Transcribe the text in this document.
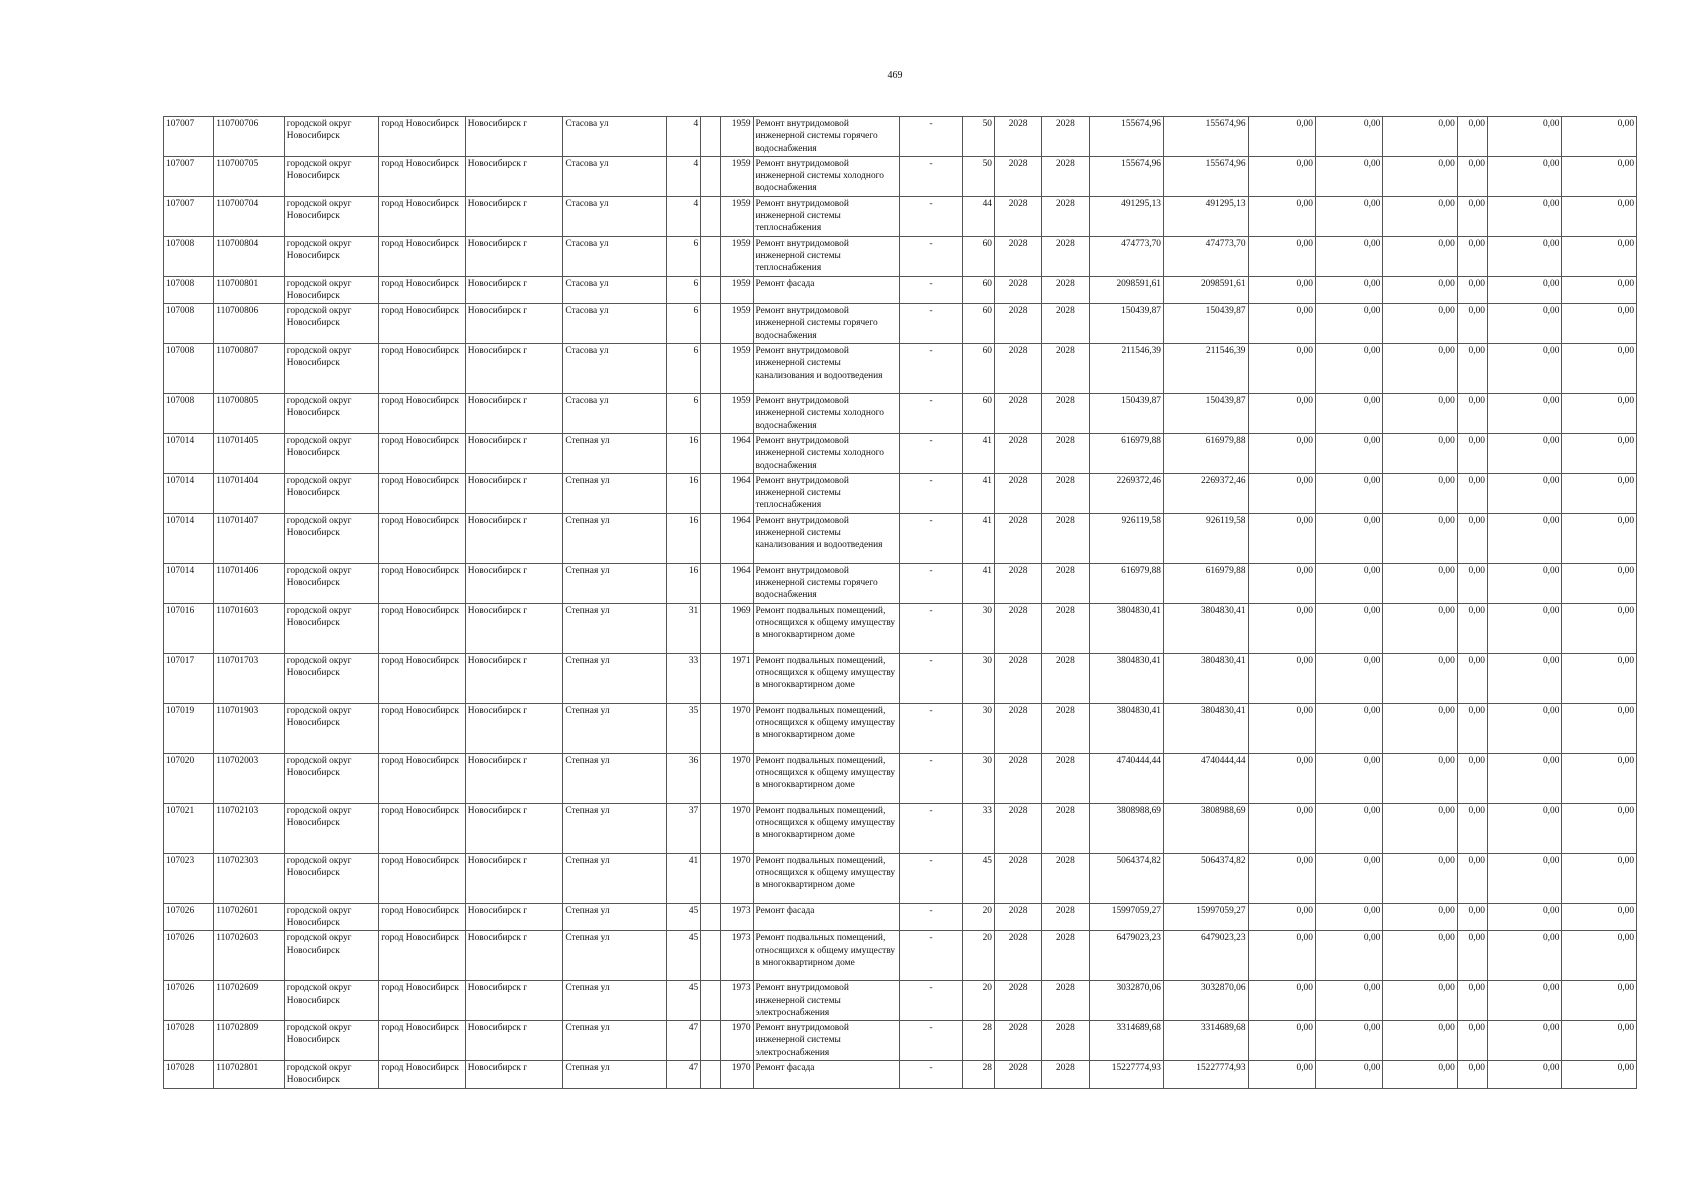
469
107007	110700706	городской округ Новосибирск	город Новосибирск	Новосибирск г	Стасова ул	4		1959	Ремонт внутридомовой инженерной системы горячего водоснабжения	-	50	2028	2028	155674,96	155674,96	0,00	0,00	0,00	0,00	0,00	0,00
107007	110700705	городской округ Новосибирск	город Новосибирск	Новосибирск г	Стасова ул	4		1959	Ремонт внутридомовой инженерной системы холодного водоснабжения	-	50	2028	2028	155674,96	155674,96	0,00	0,00	0,00	0,00	0,00	0,00
107007	110700704	городской округ Новосибирск	город Новосибирск	Новосибирск г	Стасова ул	4		1959	Ремонт внутридомовой инженерной системы теплоснабжения	-	44	2028	2028	491295,13	491295,13	0,00	0,00	0,00	0,00	0,00	0,00
107008	110700804	городской округ Новосибирск	город Новосибирск	Новосибирск г	Стасова ул	6		1959	Ремонт внутридомовой инженерной системы теплоснабжения	-	60	2028	2028	474773,70	474773,70	0,00	0,00	0,00	0,00	0,00	0,00
107008	110700801	городской округ Новосибирск	город Новосибирск	Новосибирск г	Стасова ул	6		1959	Ремонт фасада	-	60	2028	2028	2098591,61	2098591,61	0,00	0,00	0,00	0,00	0,00	0,00
107008	110700806	городской округ Новосибирск	город Новосибирск	Новосибирск г	Стасова ул	6		1959	Ремонт внутридомовой инженерной системы горячего водоснабжения	-	60	2028	2028	150439,87	150439,87	0,00	0,00	0,00	0,00	0,00	0,00
107008	110700807	городской округ Новосибирск	город Новосибирск	Новосибирск г	Стасова ул	6		1959	Ремонт внутридомовой инженерной системы канализования и водоотведения	-	60	2028	2028	211546,39	211546,39	0,00	0,00	0,00	0,00	0,00	0,00
107008	110700805	городской округ Новосибирск	город Новосибирск	Новосибирск г	Стасова ул	6		1959	Ремонт внутридомовой инженерной системы холодного водоснабжения	-	60	2028	2028	150439,87	150439,87	0,00	0,00	0,00	0,00	0,00	0,00
107014	110701405	городской округ Новосибирск	город Новосибирск	Новосибирск г	Степная ул	16		1964	Ремонт внутридомовой инженерной системы холодного водоснабжения	-	41	2028	2028	616979,88	616979,88	0,00	0,00	0,00	0,00	0,00	0,00
107014	110701404	городской округ Новосибирск	город Новосибирск	Новосибирск г	Степная ул	16		1964	Ремонт внутридомовой инженерной системы теплоснабжения	-	41	2028	2028	2269372,46	2269372,46	0,00	0,00	0,00	0,00	0,00	0,00
107014	110701407	городской округ Новосибирск	город Новосибирск	Новосибирск г	Степная ул	16		1964	Ремонт внутридомовой инженерной системы канализования и водоотведения	-	41	2028	2028	926119,58	926119,58	0,00	0,00	0,00	0,00	0,00	0,00
107014	110701406	городской округ Новосибирск	город Новосибирск	Новосибирск г	Степная ул	16		1964	Ремонт внутридомовой инженерной системы горячего водоснабжения	-	41	2028	2028	616979,88	616979,88	0,00	0,00	0,00	0,00	0,00	0,00
107016	110701603	городской округ Новосибирск	город Новосибирск	Новосибирск г	Степная ул	31		1969	Ремонт подвальных помещений, относящихся к общему имуществу в многоквартирном доме	-	30	2028	2028	3804830,41	3804830,41	0,00	0,00	0,00	0,00	0,00	0,00
107017	110701703	городской округ Новосибирск	город Новосибирск	Новосибирск г	Степная ул	33		1971	Ремонт подвальных помещений, относящихся к общему имуществу в многоквартирном доме	-	30	2028	2028	3804830,41	3804830,41	0,00	0,00	0,00	0,00	0,00	0,00
107019	110701903	городской округ Новосибирск	город Новосибирск	Новосибирск г	Степная ул	35		1970	Ремонт подвальных помещений, относящихся к общему имуществу в многоквартирном доме	-	30	2028	2028	3804830,41	3804830,41	0,00	0,00	0,00	0,00	0,00	0,00
107020	110702003	городской округ Новосибирск	город Новосибирск	Новосибирск г	Степная ул	36		1970	Ремонт подвальных помещений, относящихся к общему имуществу в многоквартирном доме	-	30	2028	2028	4740444,44	4740444,44	0,00	0,00	0,00	0,00	0,00	0,00
107021	110702103	городской округ Новосибирск	город Новосибирск	Новосибирск г	Степная ул	37		1970	Ремонт подвальных помещений, относящихся к общему имуществу в многоквартирном доме	-	33	2028	2028	3808988,69	3808988,69	0,00	0,00	0,00	0,00	0,00	0,00
107023	110702303	городской округ Новосибирск	город Новосибирск	Новосибирск г	Степная ул	41		1970	Ремонт подвальных помещений, относящихся к общему имуществу в многоквартирном доме	-	45	2028	2028	5064374,82	5064374,82	0,00	0,00	0,00	0,00	0,00	0,00
107026	110702601	городской округ Новосибирск	город Новосибирск	Новосибирск г	Степная ул	45		1973	Ремонт фасада	-	20	2028	2028	15997059,27	15997059,27	0,00	0,00	0,00	0,00	0,00	0,00
107026	110702603	городской округ Новосибирск	город Новосибирск	Новосибирск г	Степная ул	45		1973	Ремонт подвальных помещений, относящихся к общему имуществу в многоквартирном доме	-	20	2028	2028	6479023,23	6479023,23	0,00	0,00	0,00	0,00	0,00	0,00
107026	110702609	городской округ Новосибирск	город Новосибирск	Новосибирск г	Степная ул	45		1973	Ремонт внутридомовой инженерной системы электроснабжения	-	20	2028	2028	3032870,06	3032870,06	0,00	0,00	0,00	0,00	0,00	0,00
107028	110702809	городской округ Новосибирск	город Новосибирск	Новосибирск г	Степная ул	47		1970	Ремонт внутридомовой инженерной системы электроснабжения	-	28	2028	2028	3314689,68	3314689,68	0,00	0,00	0,00	0,00	0,00	0,00
107028	110702801	городской округ Новосибирск	город Новосибирск	Новосибирск г	Степная ул	47		1970	Ремонт фасада	-	28	2028	2028	15227774,93	15227774,93	0,00	0,00	0,00	0,00	0,00	0,00
